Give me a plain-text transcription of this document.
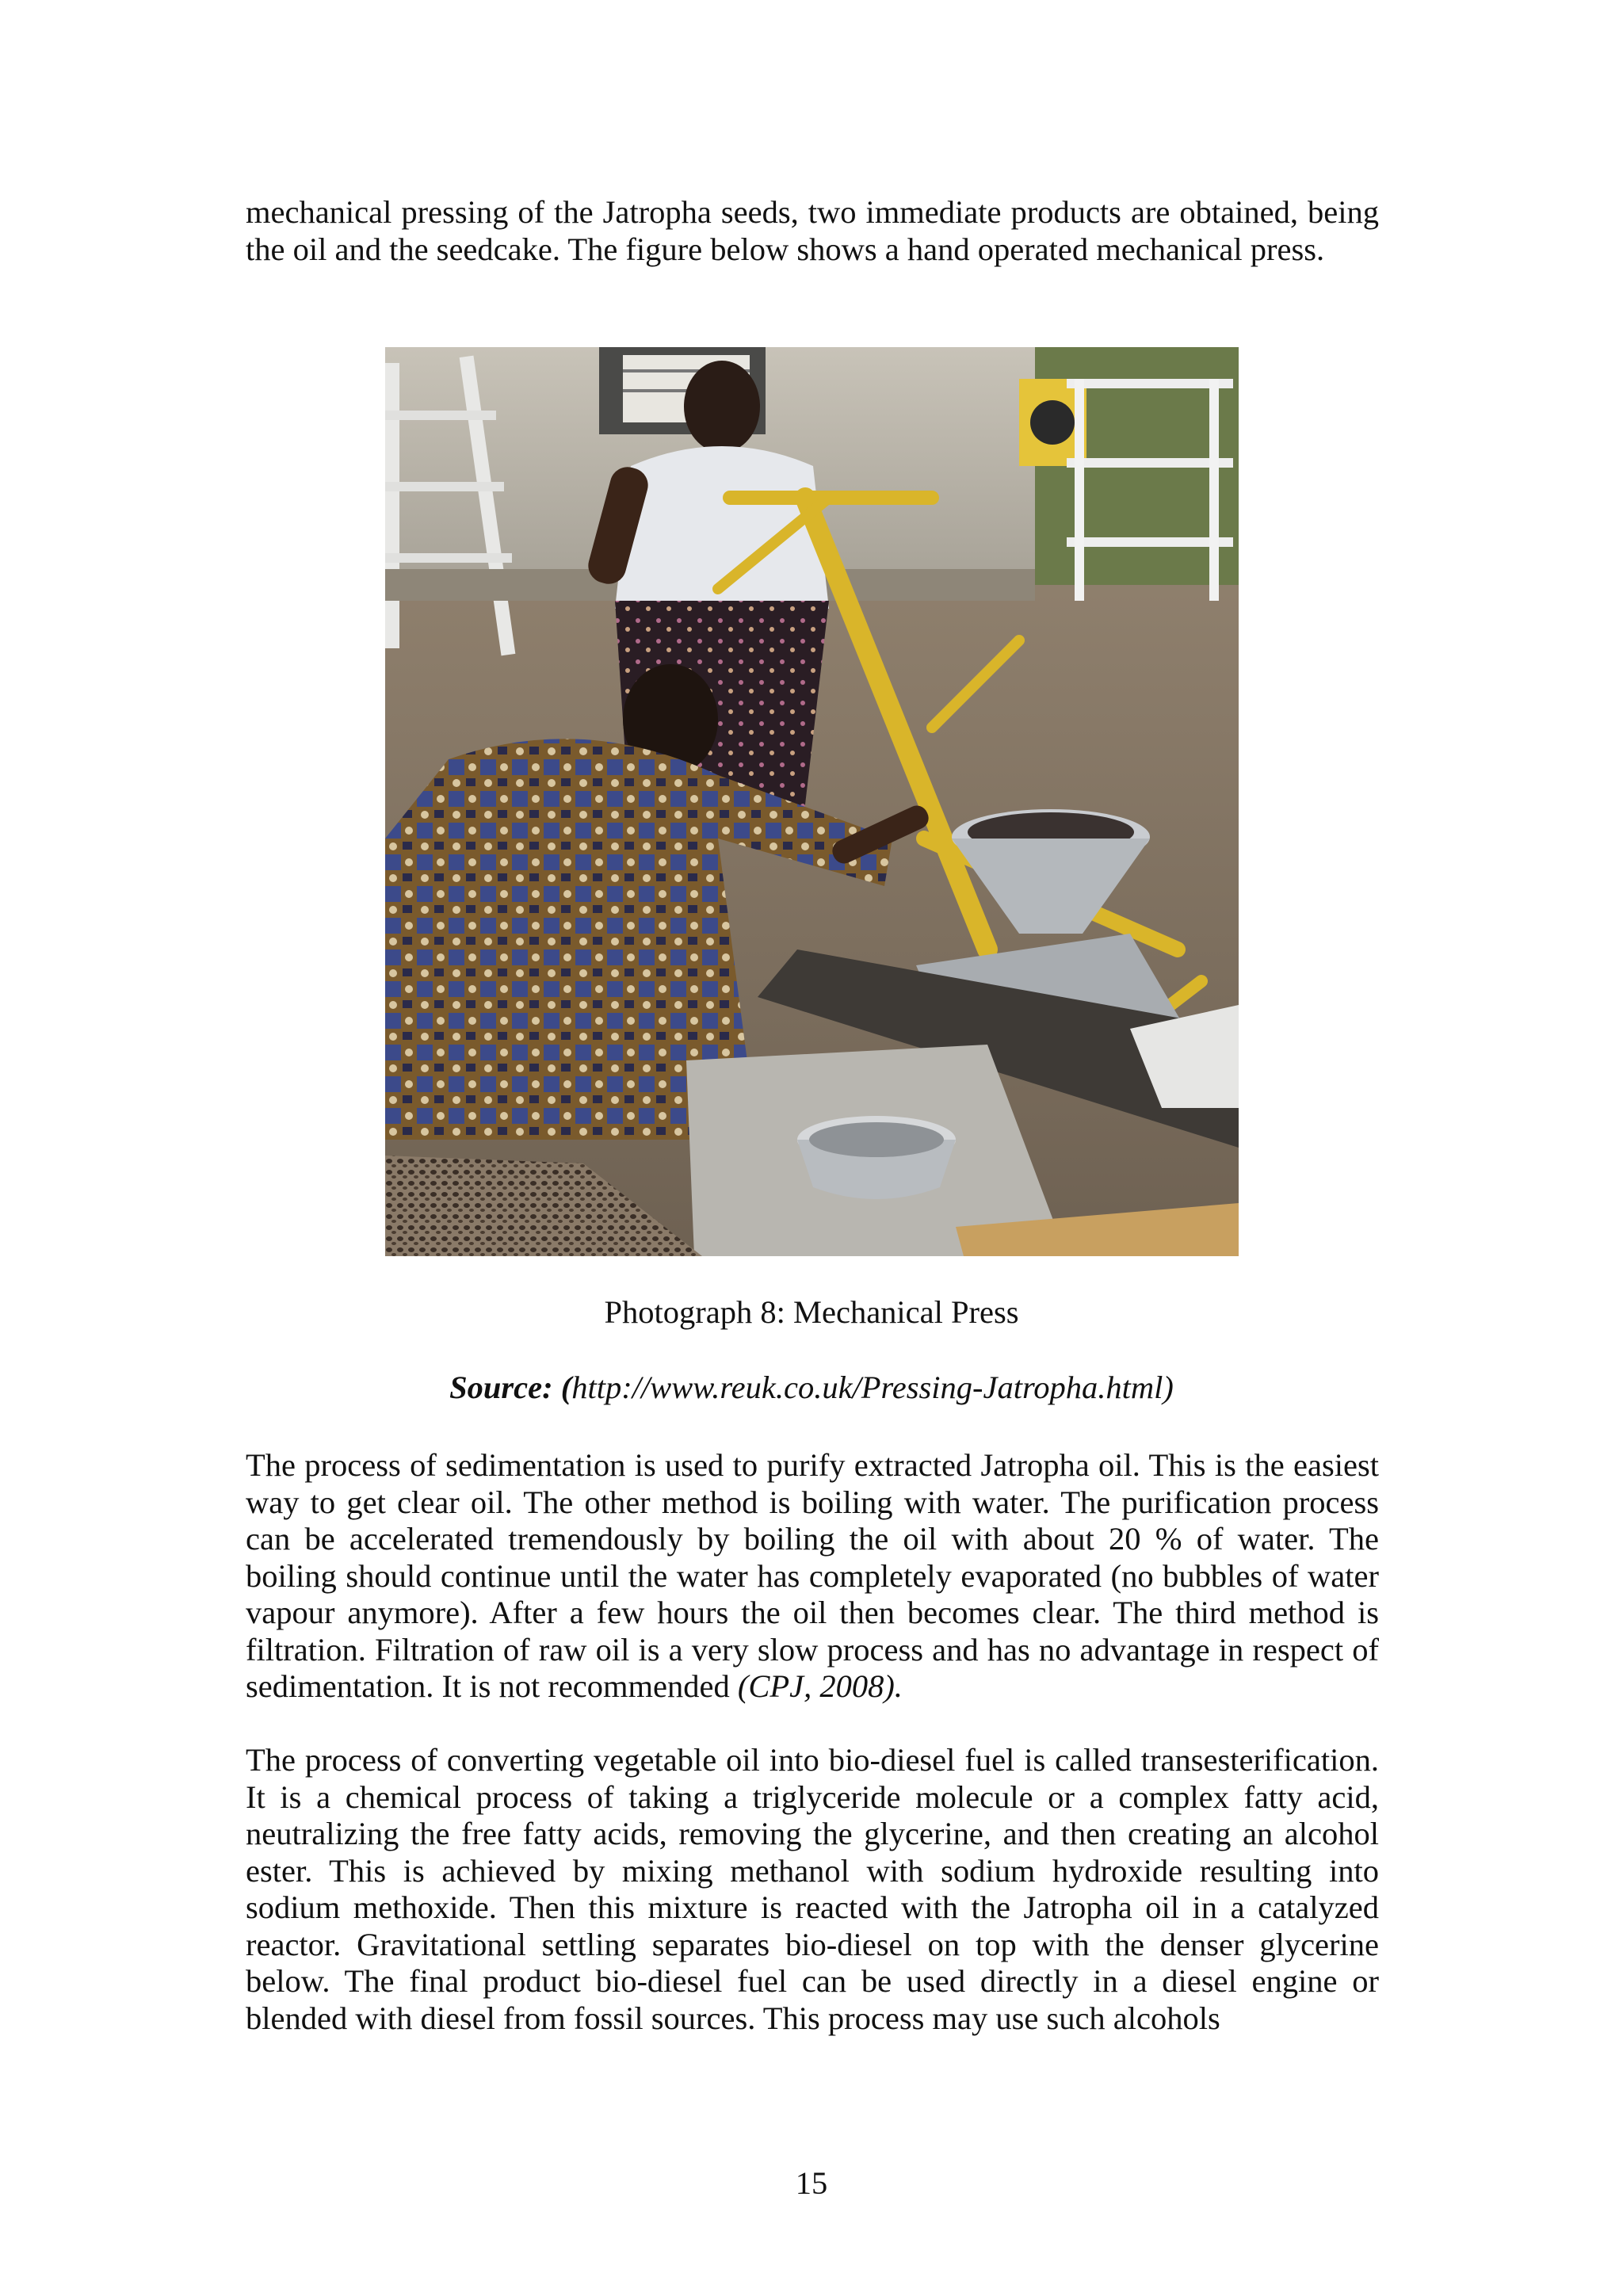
mechanical pressing of the Jatropha seeds, two immediate products are obtained, being the oil and the seedcake. The figure below shows a hand operated mechanical press.

Photograph 8: Mechanical Press

Source: (http://www.reuk.co.uk/Pressing-Jatropha.html)

The process of sedimentation is used to purify extracted Jatropha oil. This is the easiest way to get clear oil. The other method is boiling with water. The purification process can be accelerated tremendously by boiling the oil with about 20 % of water. The boiling should continue until the water has completely evaporated (no bubbles of water vapour anymore). After a few hours the oil then becomes clear. The third method is filtration. Filtration of raw oil is a very slow process and has no advantage in respect of sedimentation. It is not recommended (CPJ, 2008).

The process of converting vegetable oil into bio-diesel fuel is called transesterification. It is a chemical process of taking a triglyceride molecule or a complex fatty acid, neutralizing the free fatty acids, removing the glycerine, and then creating an alcohol ester. This is achieved by mixing methanol with sodium hydroxide resulting into sodium methoxide. Then this mixture is reacted with the Jatropha oil in a catalyzed reactor. Gravitational settling separates bio-diesel on top with the denser glycerine below. The final product bio-diesel fuel can be used directly in a diesel engine or blended with diesel from fossil sources. This process may use such alcohols

15
